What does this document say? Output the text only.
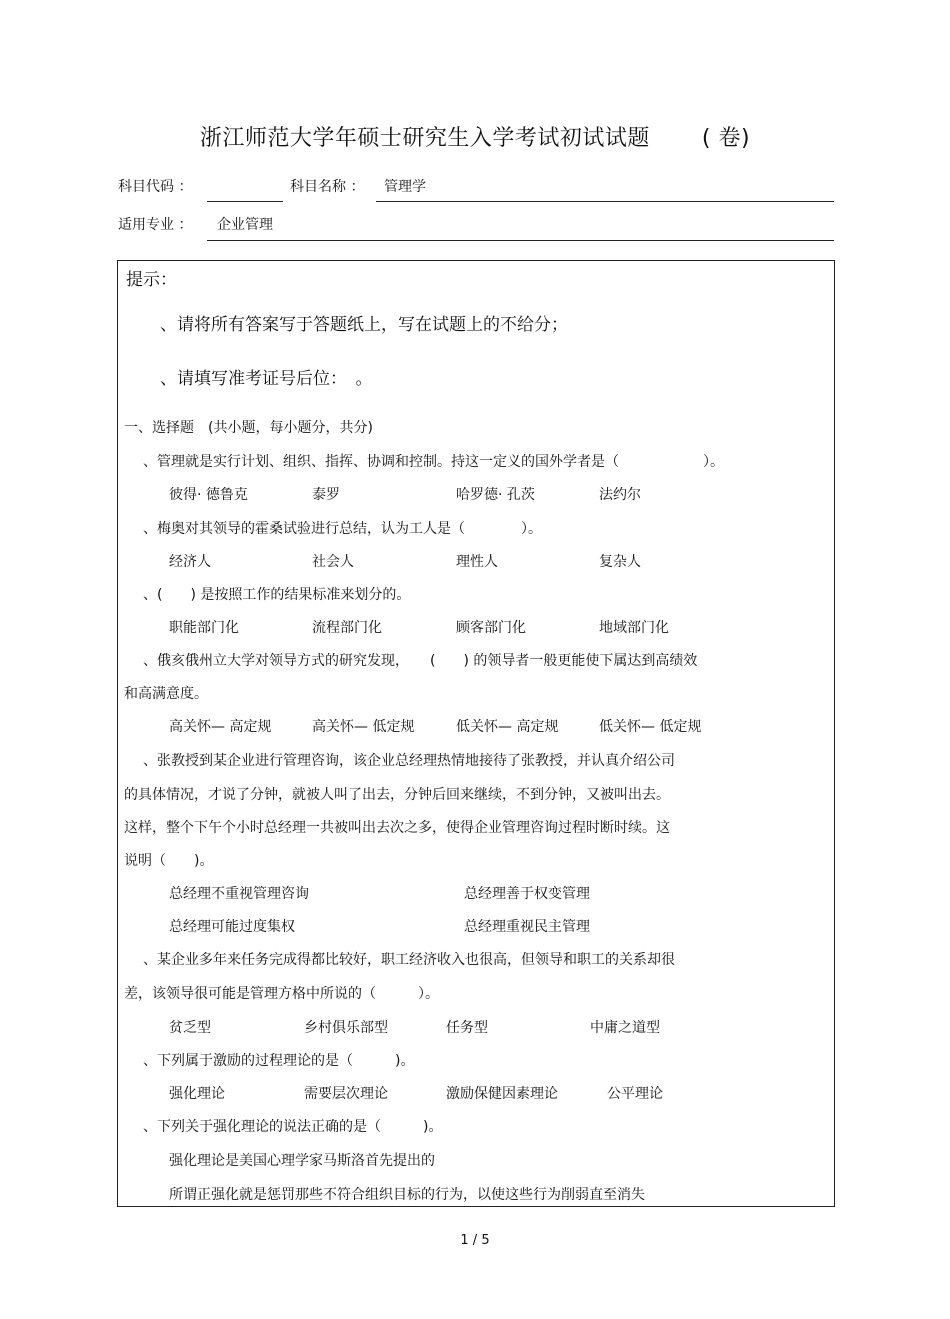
浙江师范大学年硕士研究生入学考试初试试题 ( 卷)
科目代码 ：	科目名称 ： 管理学
适用专业 ： 企业管理
提示：
、请将所有答案写于答题纸上，写在试题上的不给分；
、请填写准考证号后位：　。
一、选择题　(共小题，每小题分，共分)
、管理就是实行计划、组织、指挥、协调和控制。持这一定义的国外学者是（　　　　　　）。
彼得· 德鲁克	泰罗	哈罗德· 孔茨	法约尔
、梅奥对其领导的霍桑试验进行总结，认为工人是（　　　　）。
经济人	社会人	理性人	复杂人
、(　　) 是按照工作的结果标准来划分的。
职能部门化	流程部门化	顾客部门化	地域部门化
、俄亥俄州立大学对领导方式的研究发现，　　(　　) 的领导者一般更能使下属达到高绩效
和高满意度。
高关怀— 高定规	高关怀— 低定规	低关怀— 高定规	低关怀— 低定规
、张教授到某企业进行管理咨询，该企业总经理热情地接待了张教授，并认真介绍公司
的具体情况，才说了分钟，就被人叫了出去，分钟后回来继续，不到分钟，又被叫出去。
这样，整个下午个小时总经理一共被叫出去次之多，使得企业管理咨询过程时断时续。这
说明（　　)。
总经理不重视管理咨询	总经理善于权变管理
总经理可能过度集权	总经理重视民主管理
、某企业多年来任务完成得都比较好，职工经济收入也很高，但领导和职工的关系却很
差，该领导很可能是管理方格中所说的（　　　）。
贫乏型	乡村俱乐部型	任务型	中庸之道型
、下列属于激励的过程理论的是（　　　)。
强化理论	需要层次理论	激励保健因素理论	公平理论
、下列关于强化理论的说法正确的是（　　　)。
强化理论是美国心理学家马斯洛首先提出的
所谓正强化就是惩罚那些不符合组织目标的行为，以使这些行为削弱直至消失
1 / 5
